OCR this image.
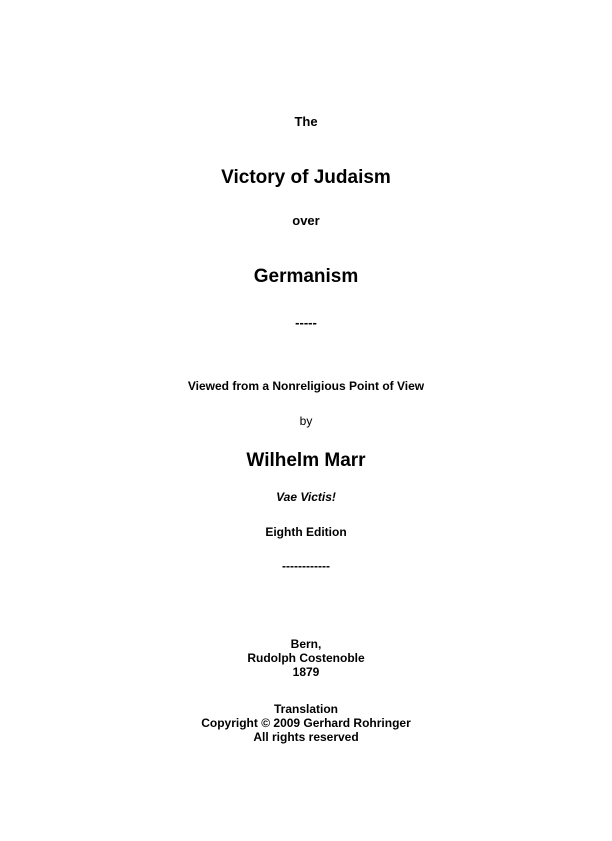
The
Victory of Judaism
over
Germanism
-----
Viewed from a Nonreligious Point of View
by
Wilhelm Marr
Vae Victis!
Eighth Edition
------------
Bern,
Rudolph Costenoble
1879
Translation
Copyright © 2009 Gerhard Rohringer
All rights reserved
